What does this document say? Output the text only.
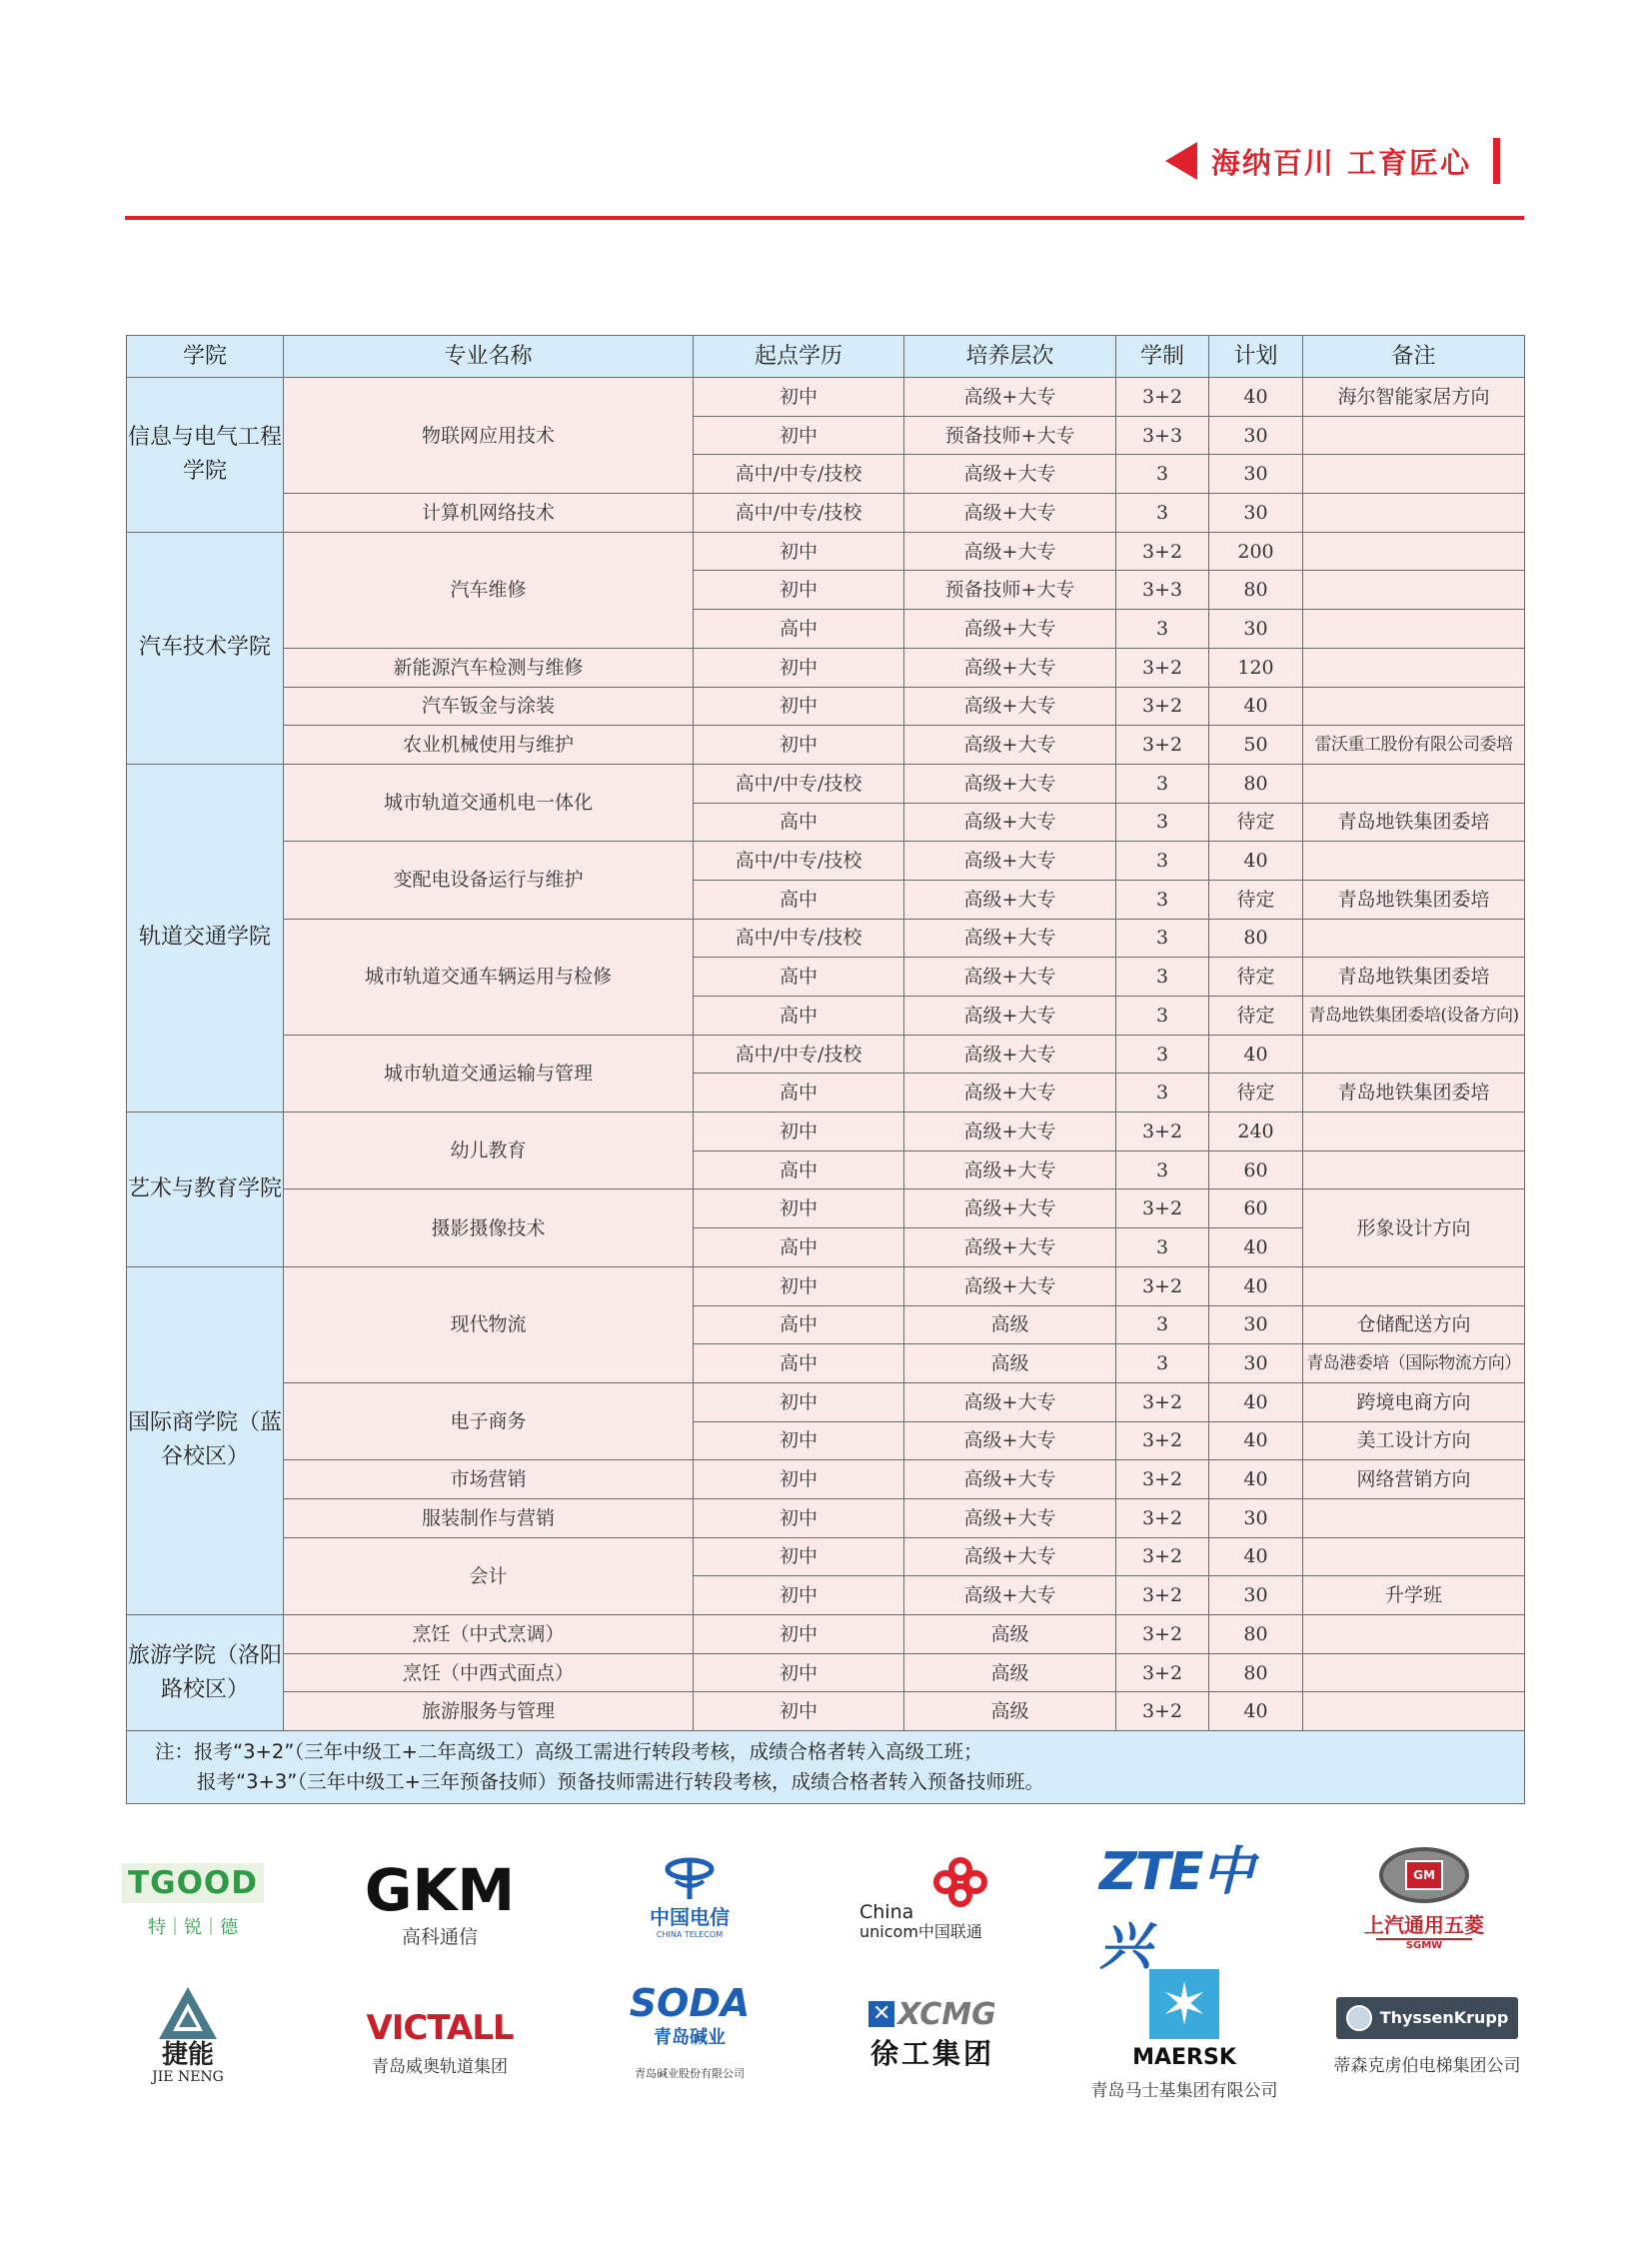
海纳百川 工育匠心
学院	专业名称	起点学历	培养层次	学制	计划	备注
信息与电气工程学院	物联网应用技术	初中	高级+大专	3+2	40	海尔智能家居方向
		初中	预备技师+大专	3+3	30	
		高中/中专/技校	高级+大专	3	30	
	计算机网络技术	高中/中专/技校	高级+大专	3	30	
汽车技术学院	汽车维修	初中	高级+大专	3+2	200	
		初中	预备技师+大专	3+3	80	
		高中	高级+大专	3	30	
	新能源汽车检测与维修	初中	高级+大专	3+2	120	
	汽车钣金与涂装	初中	高级+大专	3+2	40	
	农业机械使用与维护	初中	高级+大专	3+2	50	雷沃重工股份有限公司委培
轨道交通学院	城市轨道交通机电一体化	高中/中专/技校	高级+大专	3	80	
		高中	高级+大专	3	待定	青岛地铁集团委培
	变配电设备运行与维护	高中/中专/技校	高级+大专	3	40	
		高中	高级+大专	3	待定	青岛地铁集团委培
	城市轨道交通车辆运用与检修	高中/中专/技校	高级+大专	3	80	
		高中	高级+大专	3	待定	青岛地铁集团委培
		高中	高级+大专	3	待定	青岛地铁集团委培(设备方向)
	城市轨道交通运输与管理	高中/中专/技校	高级+大专	3	40	
		高中	高级+大专	3	待定	青岛地铁集团委培
艺术与教育学院	幼儿教育	初中	高级+大专	3+2	240	
		高中	高级+大专	3	60	
	摄影摄像技术	初中	高级+大专	3+2	60	形象设计方向
		高中	高级+大专	3	40	
国际商学院（蓝谷校区）	现代物流	初中	高级+大专	3+2	40	
		高中	高级	3	30	仓储配送方向
		高中	高级	3	30	青岛港委培（国际物流方向）
	电子商务	初中	高级+大专	3+2	40	跨境电商方向
		初中	高级+大专	3+2	40	美工设计方向
	市场营销	初中	高级+大专	3+2	40	网络营销方向
	服装制作与营销	初中	高级+大专	3+2	30	
	会计	初中	高级+大专	3+2	40	
		初中	高级+大专	3+2	30	升学班
旅游学院（洛阳路校区）	烹饪（中式烹调）	初中	高级	3+2	80	
	烹饪（中西式面点）	初中	高级	3+2	80	
	旅游服务与管理	初中	高级	3+2	40	

注：报考“3+2”（三年中级工+二年高级工）高级工需进行转段考核，成绩合格者转入高级工班；
报考“3+3”（三年中级工+三年预备技师）预备技师需进行转段考核，成绩合格者转入预备技师班。						
TGOOD
特｜锐｜德
GKM
高科通信
中国电信
CHINA TELECOM
China
unicom中国联通
ZTE中兴
GM
上汽通用五菱
SGMW
捷能
JIE NENG
VICTALL
青岛威奥轨道集团
SODA
青岛碱业
青岛碱业股份有限公司
✕ XCMG
徐工集团
✶
MAERSK
青岛马士基集团有限公司
ThyssenKrupp
蒂森克虏伯电梯集团公司
